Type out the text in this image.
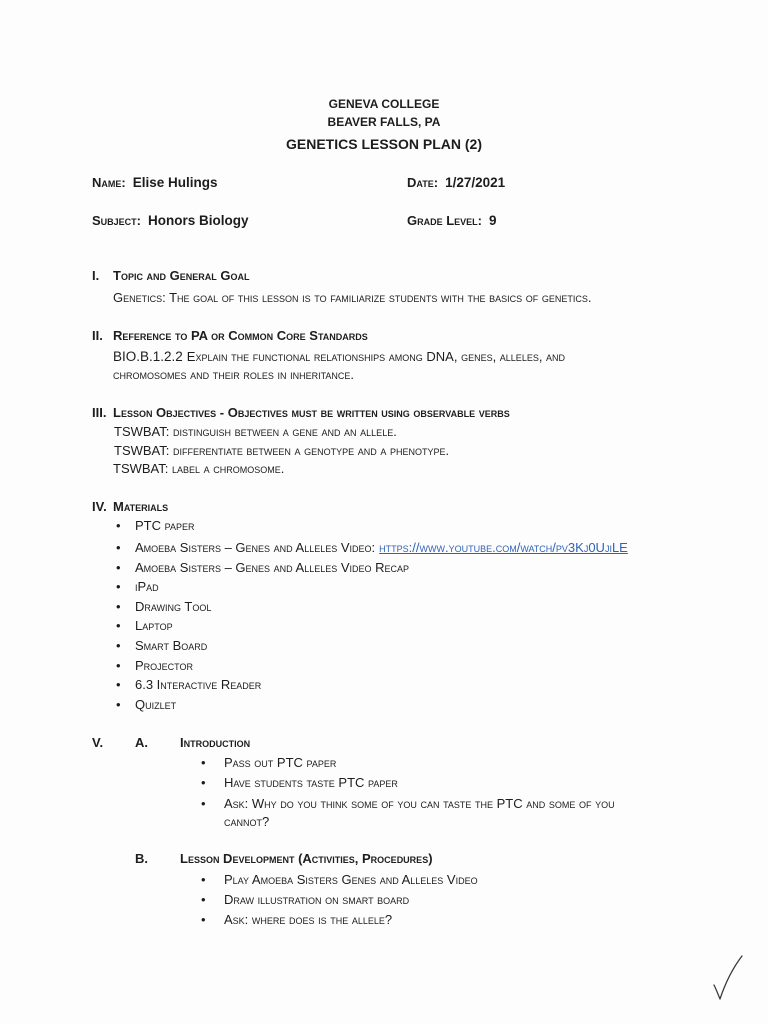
GENEVA COLLEGE
BEAVER FALLS, PA
GENETICS LESSON PLAN (2)
Name: Elise Hulings	Date: 1/27/2021
Subject: Honors Biology	Grade Level: 9
I. Topic and General Goal
Genetics: The goal of this lesson is to familiarize students with the basics of genetics.
II. Reference to PA or Common Core Standards
BIO.B.1.2.2 Explain the functional relationships among DNA, genes, alleles, and
chromosomes and their roles in inheritance.
III. Lesson Objectives - Objectives must be written using observable verbs
TSWBAT: distinguish between a gene and an allele.
TSWBAT: differentiate between a genotype and a phenotype.
TSWBAT: label a chromosome.
IV. Materials
• PTC paper
• Amoeba Sisters – Genes and Alleles Video: https://www.youtube.com/watch/pv3Kj0UjiLE
• Amoeba Sisters – Genes and Alleles Video Recap
• iPad
• Drawing Tool
• Laptop
• Smart Board
• Projector
• 6.3 Interactive Reader
• Quizlet
V. A. Introduction
• Pass out PTC paper
• Have students taste PTC paper
• Ask: Why do you think some of you can taste the PTC and some of you
cannot?
B. Lesson Development (Activities, Procedures)
• Play Amoeba Sisters Genes and Alleles Video
• Draw illustration on smart board
• Ask: where does is the allele?
